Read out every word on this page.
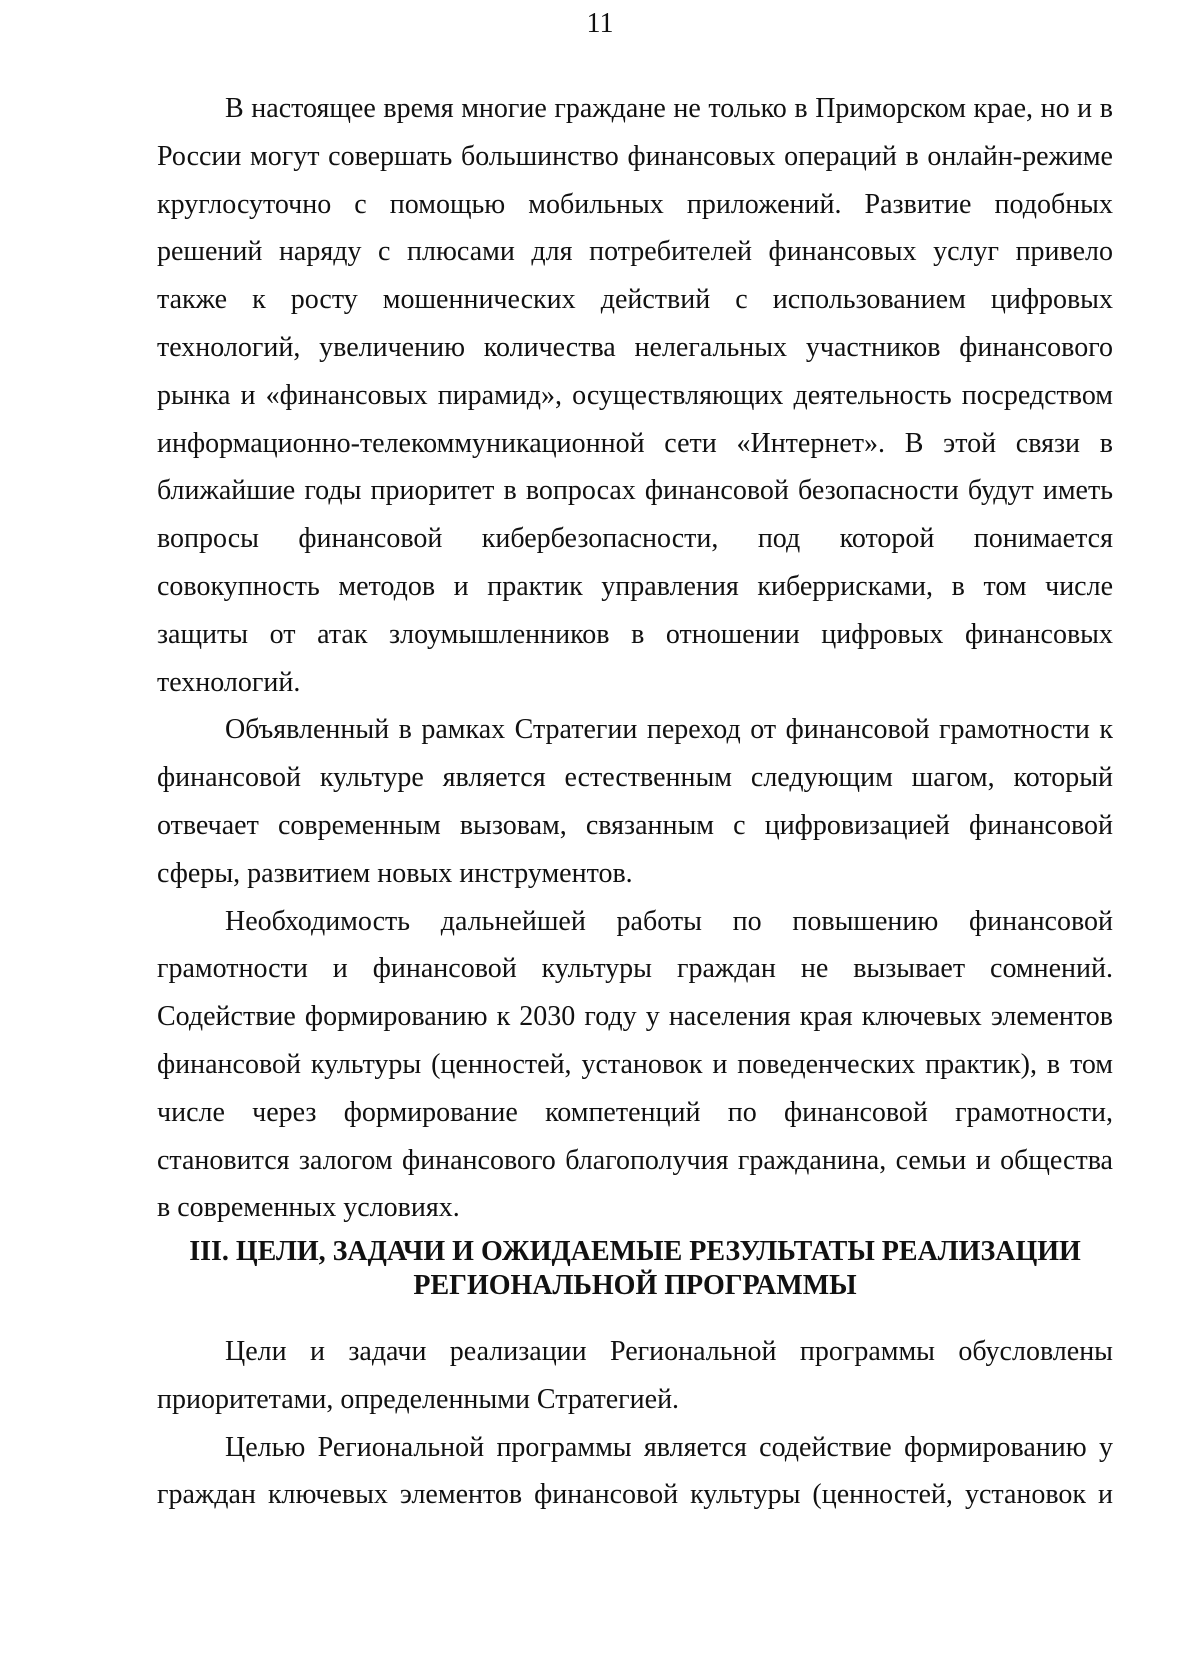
11

В настоящее время многие граждане не только в Приморском крае, но и в России могут совершать большинство финансовых операций в онлайн-режиме круглосуточно с помощью мобильных приложений. Развитие подобных решений наряду с плюсами для потребителей финансовых услуг привело также к росту мошеннических действий с использованием цифровых технологий, увеличению количества нелегальных участников финансового рынка и «финансовых пирамид», осуществляющих деятельность посредством информационно-телекоммуникационной сети «Интернет». В этой связи в ближайшие годы приоритет в вопросах финансовой безопасности будут иметь вопросы финансовой кибербезопасности, под которой понимается совокупность методов и практик управления киберрисками, в том числе защиты от атак злоумышленников в отношении цифровых финансовых технологий.

Объявленный в рамках Стратегии переход от финансовой грамотности к финансовой культуре является естественным следующим шагом, который отвечает современным вызовам, связанным с цифровизацией финансовой сферы, развитием новых инструментов.

Необходимость дальнейшей работы по повышению финансовой грамотности и финансовой культуры граждан не вызывает сомнений. Содействие формированию к 2030 году у населения края ключевых элементов финансовой культуры (ценностей, установок и поведенческих практик), в том числе через формирование компетенций по финансовой грамотности, становится залогом финансового благополучия гражданина, семьи и общества в современных условиях.

III. ЦЕЛИ, ЗАДАЧИ И ОЖИДАЕМЫЕ РЕЗУЛЬТАТЫ РЕАЛИЗАЦИИ
РЕГИОНАЛЬНОЙ ПРОГРАММЫ

Цели и задачи реализации Региональной программы обусловлены приоритетами, определенными Стратегией.

Целью Региональной программы является содействие формированию у граждан ключевых элементов финансовой культуры (ценностей, установок и
